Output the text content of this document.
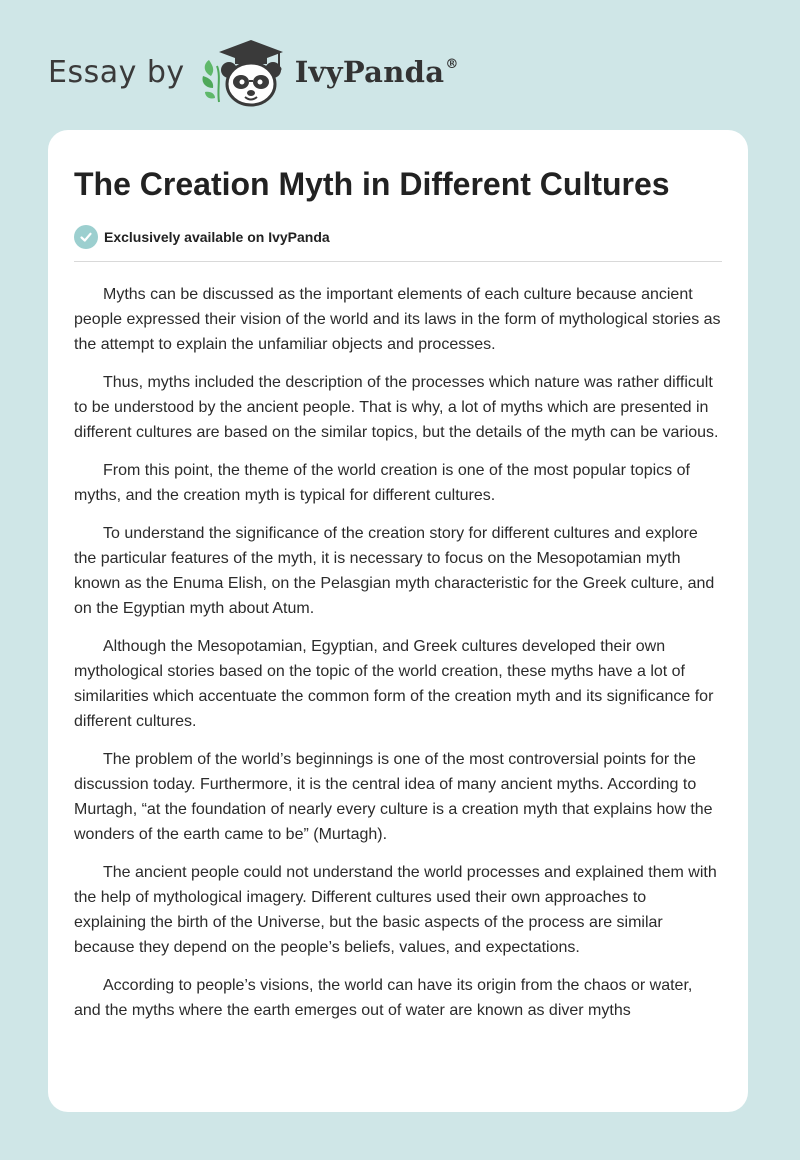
Essay by	IvyPanda®
The Creation Myth in Different Cultures
Exclusively available on IvyPanda

Myths can be discussed as the important elements of each culture because ancient people expressed their vision of the world and its laws in the form of mythological stories as the attempt to explain the unfamiliar objects and processes.

Thus, myths included the description of the processes which nature was rather difficult to be understood by the ancient people. That is why, a lot of myths which are presented in different cultures are based on the similar topics, but the details of the myth can be various.

From this point, the theme of the world creation is one of the most popular topics of myths, and the creation myth is typical for different cultures.

To understand the significance of the creation story for different cultures and explore the particular features of the myth, it is necessary to focus on the Mesopotamian myth known as the Enuma Elish, on the Pelasgian myth characteristic for the Greek culture, and on the Egyptian myth about Atum.

Although the Mesopotamian, Egyptian, and Greek cultures developed their own mythological stories based on the topic of the world creation, these myths have a lot of similarities which accentuate the common form of the creation myth and its significance for different cultures.

The problem of the world’s beginnings is one of the most controversial points for the discussion today. Furthermore, it is the central idea of many ancient myths. According to Murtagh, “at the foundation of nearly every culture is a creation myth that explains how the wonders of the earth came to be” (Murtagh).

The ancient people could not understand the world processes and explained them with the help of mythological imagery. Different cultures used their own approaches to explaining the birth of the Universe, but the basic aspects of the process are similar because they depend on the people’s beliefs, values, and expectations.

According to people’s visions, the world can have its origin from the chaos or water, and the myths where the earth emerges out of water are known as diver myths
